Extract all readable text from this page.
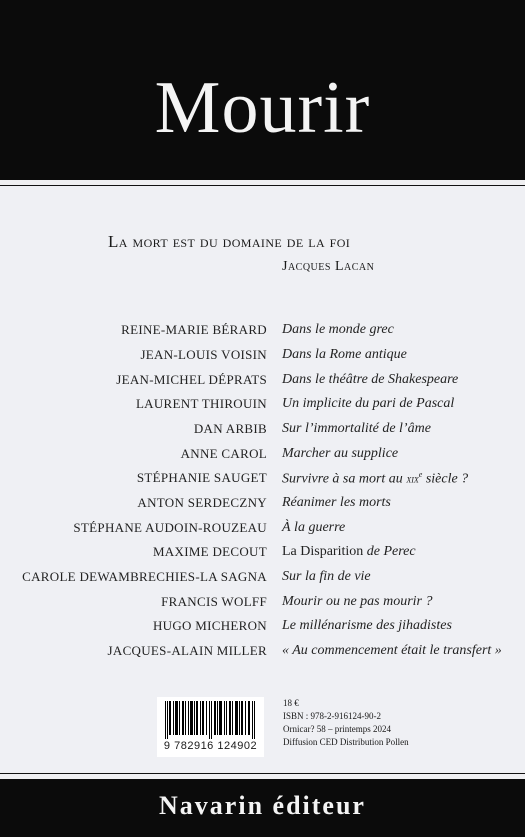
Mourir
La mort est du domaine de la foi
Jacques Lacan
REINE-MARIE BÉRARD Dans le monde grec
JEAN-LOUIS VOISIN Dans la Rome antique
JEAN-MICHEL DÉPRATS Dans le théâtre de Shakespeare
LAURENT THIROUIN Un implicite du pari de Pascal
DAN ARBIB Sur l’immortalité de l’âme
ANNE CAROL Marcher au supplice
STÉPHANIE SAUGET Survivre à sa mort au xix$^e$ siècle ?
ANTON SERDECZNY Réanimer les morts
STÉPHANE AUDOIN-ROUZEAU À la guerre
MAXIME DECOUT La Disparition de Perec
CAROLE DEWAMBRECHIES-LA SAGNA Sur la fin de vie
FRANCIS WOLFF Mourir ou ne pas mourir ?
HUGO MICHERON Le millénarisme des jihadistes
JACQUES-ALAIN MILLER « Au commencement était le transfert »
9 782916 124902
18 €
ISBN : 978-2-916124-90-2
Ornicar? 58 – printemps 2024
Diffusion CED Distribution Pollen
Navarin éditeur
